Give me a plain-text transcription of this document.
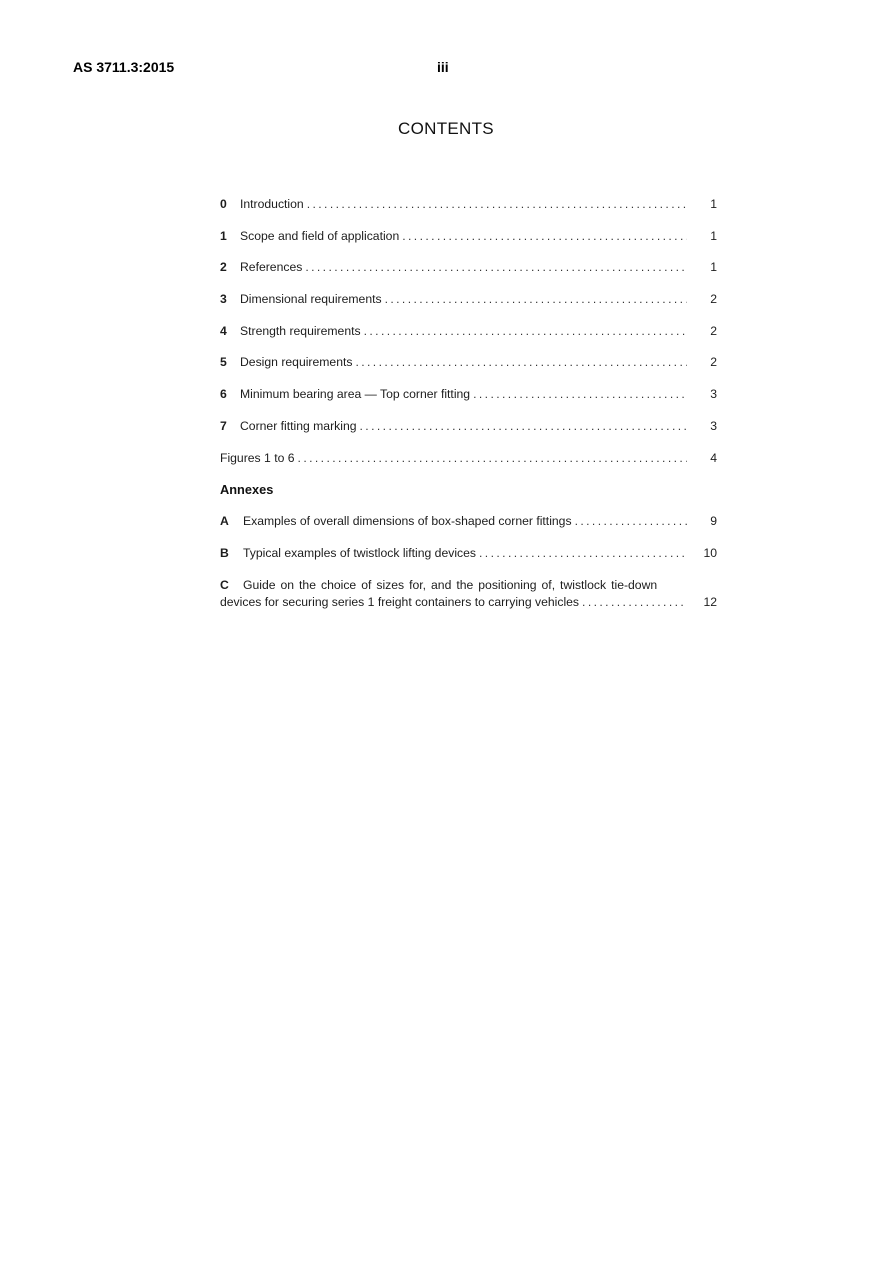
AS 3711.3:2015	iii
CONTENTS
0	Introduction .....	1
1	Scope and field of application .....	1
2	References .....	1
3	Dimensional requirements .....	2
4	Strength requirements .....	2
5	Design requirements .....	2
6	Minimum bearing area — Top corner fitting .....	3
7	Corner fitting marking .....	3
Figures 1 to 6 .....	4
Annexes
A	Examples of overall dimensions of box-shaped corner fittings .....	9
B	Typical examples of twistlock lifting devices .....	10
C	Guide on the choice of sizes for, and the positioning of, twistlock tie-down
devices for securing series 1 freight containers to carrying vehicles .....	12
